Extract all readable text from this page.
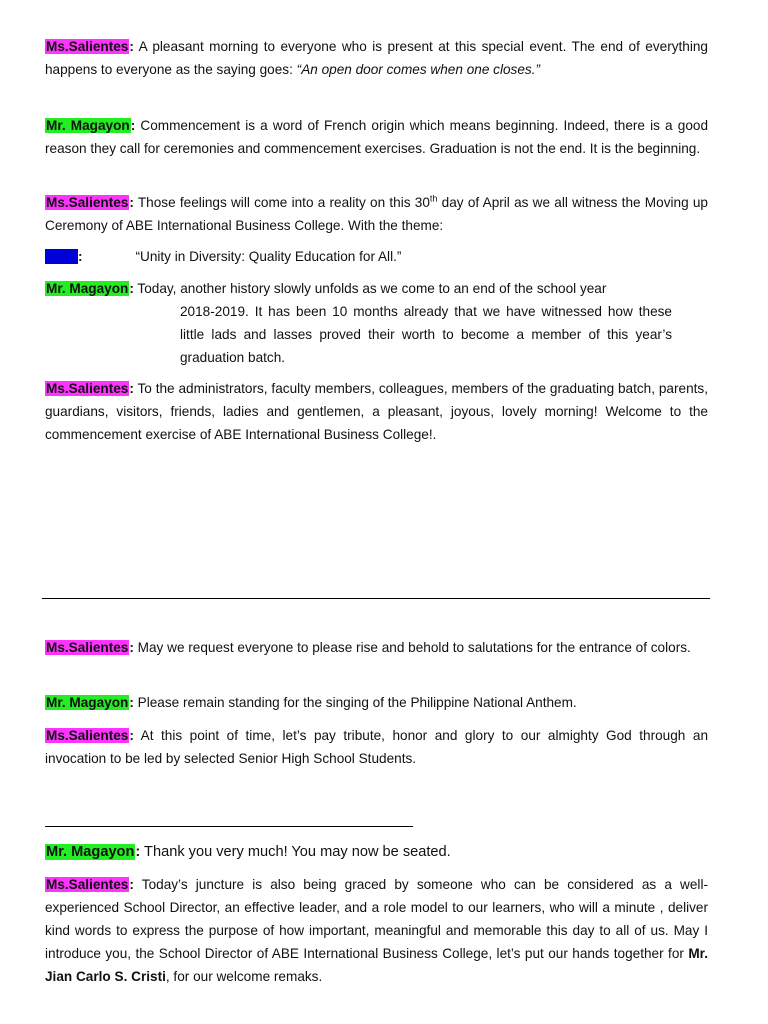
Ms.Salientes: A pleasant morning to everyone who is present at this special event. The end of everything happens to everyone as the saying goes: “An open door comes when one closes.”
Mr. Magayon: Commencement is a word of French origin which means beginning. Indeed, there is a good reason they call for ceremonies and commencement exercises. Graduation is not the end. It is the beginning.
Ms.Salientes: Those feelings will come into a reality on this 30th day of April as we all witness the Moving up Ceremony of ABE International Business College. With the theme:
Both:	“Unity in Diversity: Quality Education for All.”
Mr. Magayon: Today, another history slowly unfolds as we come to an end of the school year
2018-2019. It has been 10 months already that we have witnessed how these little lads and lasses proved their worth to become a member of this year’s graduation batch.
Ms.Salientes: To the administrators, faculty members, colleagues, members of the graduating batch, parents, guardians, visitors, friends, ladies and gentlemen, a pleasant, joyous, lovely morning! Welcome to the commencement exercise of ABE International Business College!.
Ms.Salientes: May we request everyone to please rise and behold to salutations for the entrance of colors.
Mr. Magayon: Please remain standing for the singing of the Philippine National Anthem.
Ms.Salientes: At this point of time, let’s pay tribute, honor and glory to our almighty God through an invocation to be led by selected Senior High School Students.
Mr. Magayon: Thank you very much! You may now be seated.
Ms.Salientes: Today’s juncture is also being graced by someone who can be considered as a well-experienced School Director, an effective leader, and a role model to our learners, who will a minute , deliver kind words to express the purpose of how important, meaningful and memorable this day to all of us. May I introduce you, the School Director of ABE International Business College, let’s put our hands together for Mr. Jian Carlo S. Cristi, for our welcome remaks.
